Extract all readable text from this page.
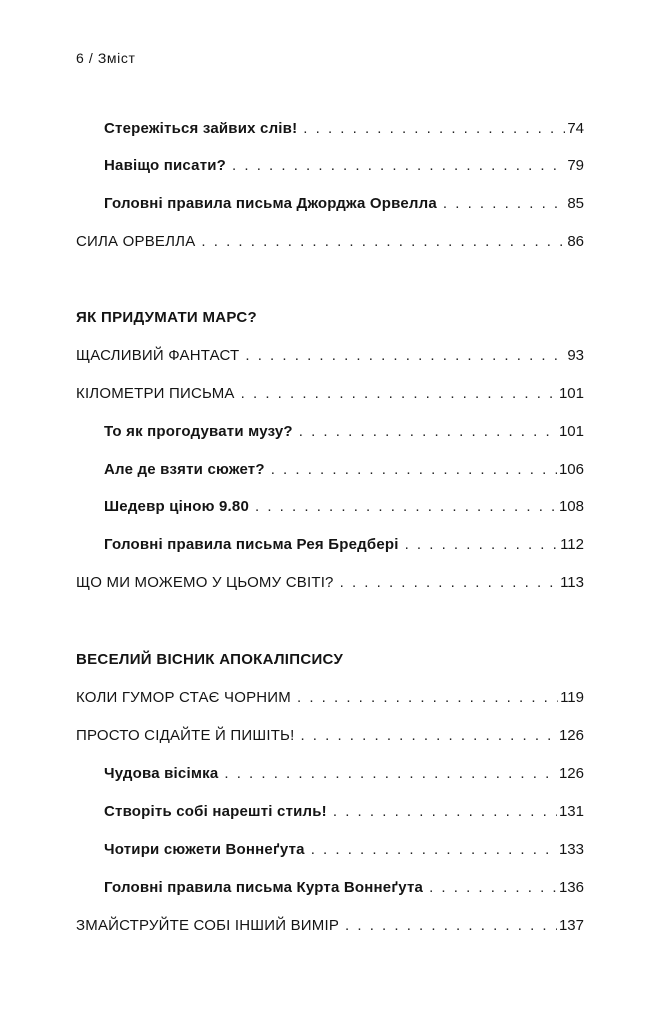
6 / Зміст
Стережіться зайвих слів! . . .	74
Навіщо писати? . . .	79
Головні правила письма Джорджа Орвелла . . .	85
СИЛА ОРВЕЛЛА . . .	86
ЯК ПРИДУМАТИ МАРС?
ЩАСЛИВИЙ ФАНТАСТ . . .	93
КІЛОМЕТРИ ПИСЬМА . . .	101
То як прогодувати музу? . . .	101
Але де взяти сюжет? . . .	106
Шедевр ціною 9.80 . . .	108
Головні правила письма Рея Бредбері . . .	112
ЩО МИ МОЖЕМО У ЦЬОМУ СВІТІ? . . .	113
ВЕСЕЛИЙ ВІСНИК АПОКАЛІПСИСУ
КОЛИ ГУМОР СТАЄ ЧОРНИМ . . .	119
ПРОСТО СІДАЙТЕ Й ПИШІТЬ! . . .	126
Чудова вісімка . . .	126
Створіть собі нарешті стиль! . . .	131
Чотири сюжети Воннеґута . . .	133
Головні правила письма Курта Воннеґута . . .	136
ЗМАЙСТРУЙТЕ СОБІ ІНШИЙ ВИМІР . . .	137
